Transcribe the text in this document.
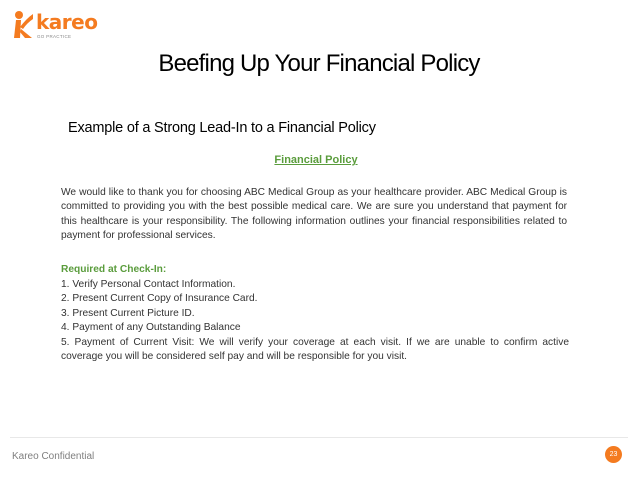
kareo
GO PRACTICE
Beefing Up Your Financial Policy
Example of a Strong Lead-In to a Financial Policy
Financial Policy
We would like to thank you for choosing ABC Medical Group as your healthcare provider. ABC Medical Group is committed to providing you with the best possible medical care. We are sure you understand that payment for this healthcare is your responsibility. The following information outlines your financial responsibilities related to payment for professional services.
Required at Check-In:
1. Verify Personal Contact Information.
2. Present Current Copy of Insurance Card.
3. Present Current Picture ID.
4. Payment of any Outstanding Balance
5. Payment of Current Visit: We will verify your coverage at each visit. If we are unable to confirm active coverage you will be considered self pay and will be responsible for you visit.
Kareo Confidential	23
